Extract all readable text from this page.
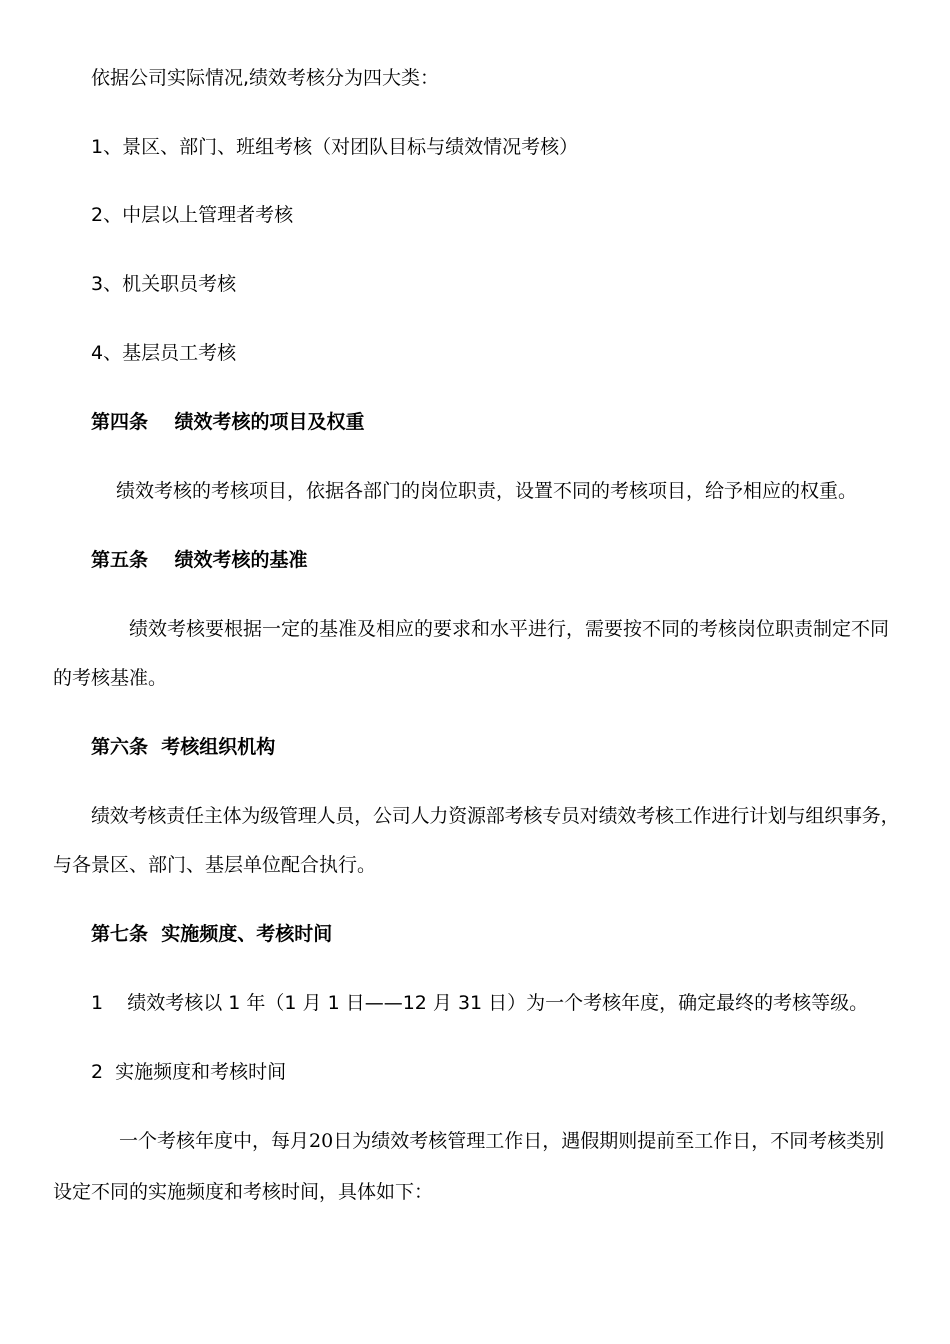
依据公司实际情况,绩效考核分为四大类：
1、景区、部门、班组考核（对团队目标与绩效情况考核）
2、中层以上管理者考核
3、机关职员考核
4、基层员工考核
第四条    绩效考核的项目及权重
绩效考核的考核项目，依据各部门的岗位职责，设置不同的考核项目，给予相应的权重。
第五条    绩效考核的基准
绩效考核要根据一定的基准及相应的要求和水平进行，需要按不同的考核岗位职责制定不同
的考核基准。
第六条  考核组织机构
绩效考核责任主体为级管理人员，公司人力资源部考核专员对绩效考核工作进行计划与组织事务，
与各景区、部门、基层单位配合执行。
第七条  实施频度、考核时间
1    绩效考核以 1 年（1 月 1 日——12 月 31 日）为一个考核年度，确定最终的考核等级。
2  实施频度和考核时间
一个考核年度中，每月20日为绩效考核管理工作日，遇假期则提前至工作日，不同考核类别
设定不同的实施频度和考核时间，具体如下：
